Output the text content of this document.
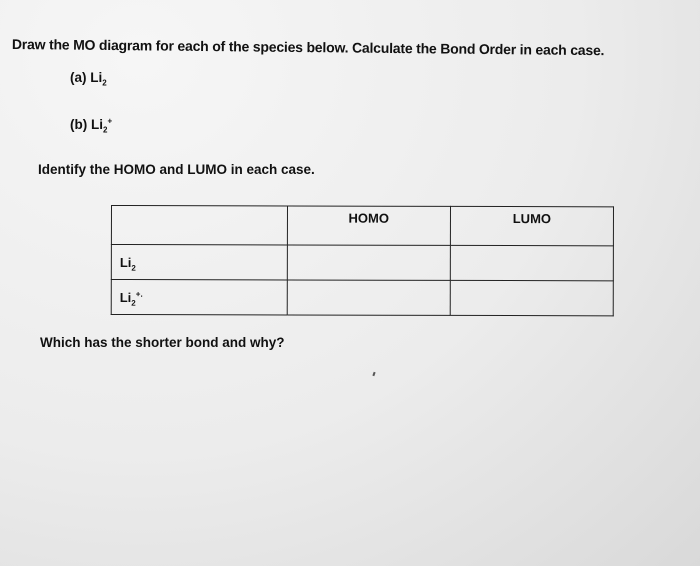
Draw the MO diagram for each of the species below. Calculate the Bond Order in each case.
(a) $Li_2$
(b) $Li_2^+$
Identify the HOMO and LUMO in each case.
	HOMO	LUMO
$Li_2$		
$Li_2^{+.}$		
Which has the shorter bond and why?
